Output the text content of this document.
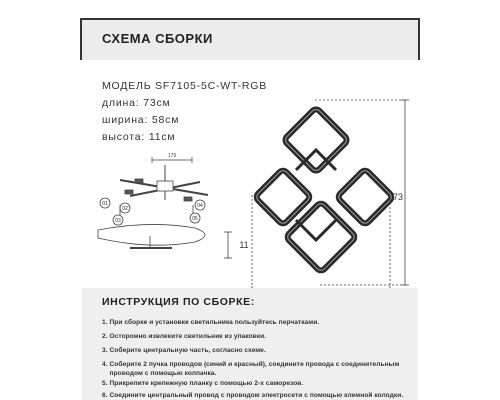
СХЕМА СБОРКИ
МОДЕЛЬ SF7105-5C-WT-RGB
длина: 73см
ширина: 58см
высота: 11см
179
01
02
03
04
05
11
73
ИНСТРУКЦИЯ ПО СБОРКЕ:
1. При сборке и установке светильника пользуйтесь перчатками.
2. Осторожно извлеките светильник из упаковки.
3. Соберите центральную часть, согласно схеме.
4. Соберите 2 пучка проводов (синий и красный), соедините провода с соединительным
проводом с помощью колпачка.
5. Прикрепите крепежную планку с помощью 2-х саморезов.
6. Соедините центральный провод с проводом электросети с помощью клемной колодки.
